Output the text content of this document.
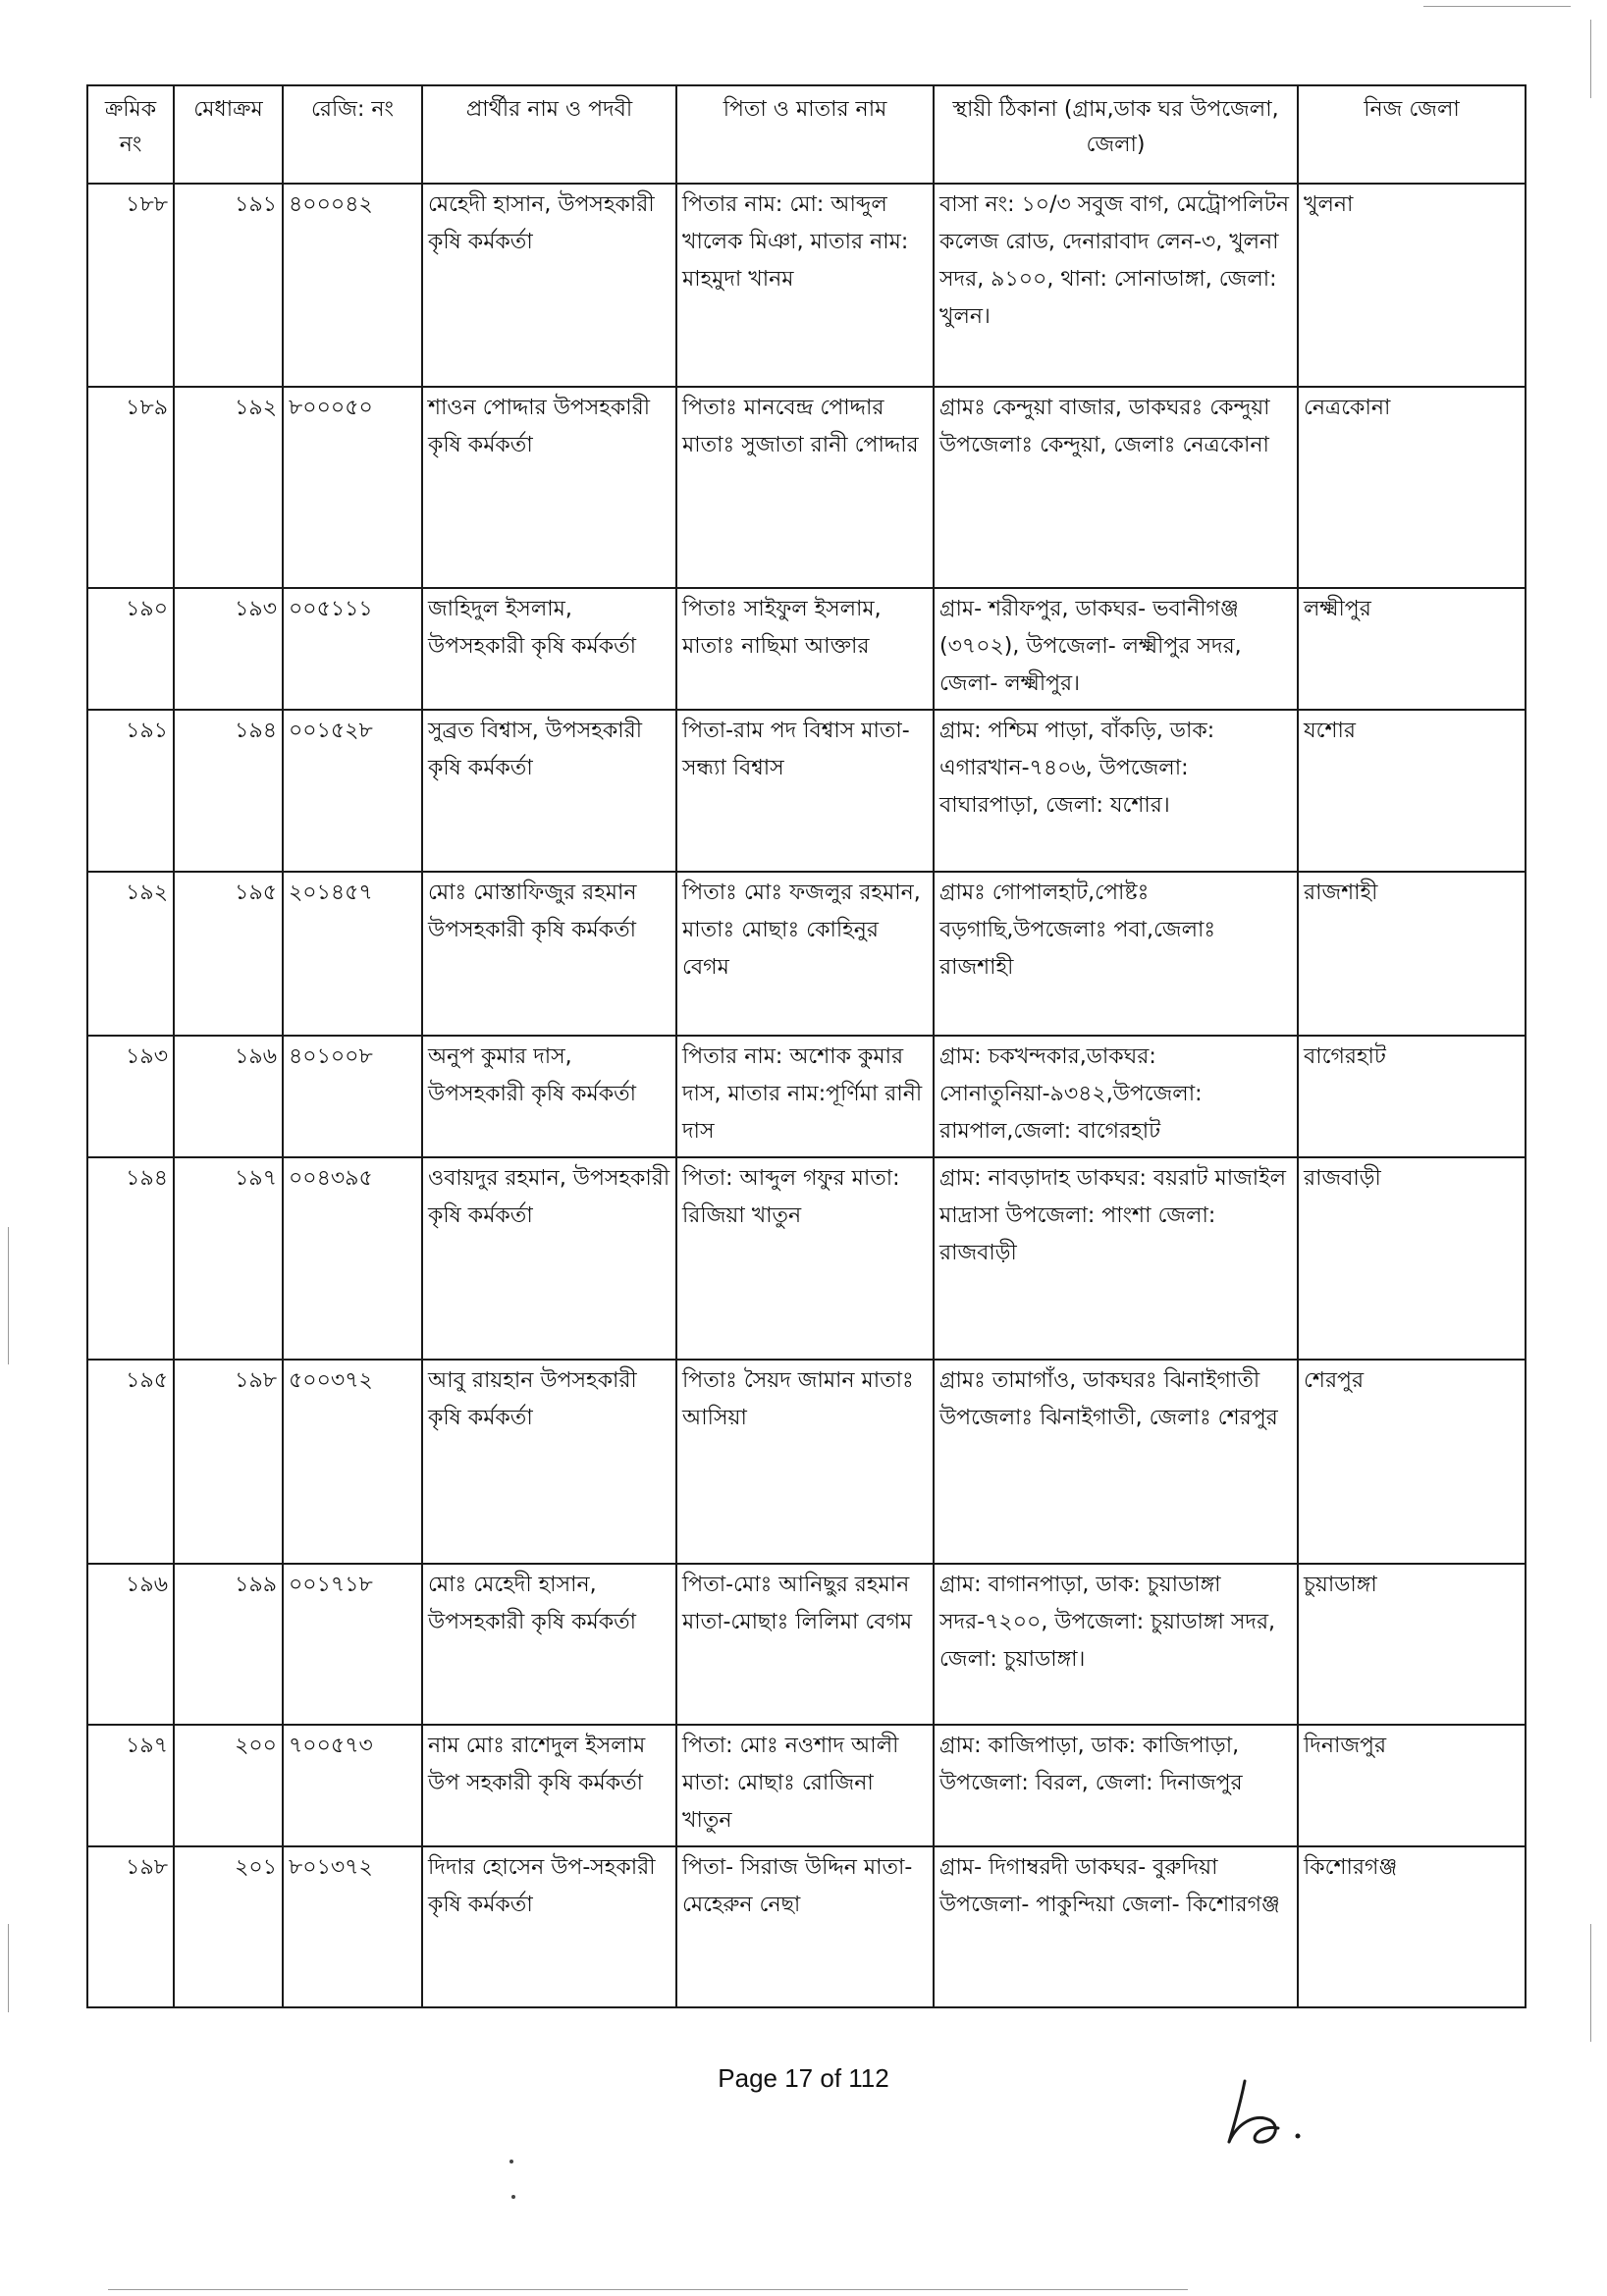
ক্রমিক নং	মেধাক্রম	রেজি: নং	প্রার্থীর নাম ও পদবী	পিতা ও মাতার নাম	স্থায়ী ঠিকানা (গ্রাম,ডাক ঘর উপজেলা, জেলা)	নিজ জেলা
১৮৮	১৯১	৪০০০৪২	মেহেদী হাসান, উপসহকারী কৃষি কর্মকর্তা	পিতার নাম: মো: আব্দুল খালেক মিঞা, মাতার নাম: মাহমুদা খানম	বাসা নং: ১০/৩ সবুজ বাগ, মেট্রোপলিটন কলেজ রোড, দেনারাবাদ লেন-৩, খুলনা সদর, ৯১০০, থানা: সোনাডাঙ্গা, জেলা: খুলন।	খুলনা
১৮৯	১৯২	৮০০০৫০	শাওন পোদ্দার উপসহকারী কৃষি কর্মকর্তা	পিতাঃ মানবেন্দ্র পোদ্দার মাতাঃ সুজাতা রানী পোদ্দার	গ্রামঃ কেন্দুয়া বাজার, ডাকঘরঃ কেন্দুয়া উপজেলাঃ কেন্দুয়া, জেলাঃ নেত্রকোনা	নেত্রকোনা
১৯০	১৯৩	০০৫১১১	জাহিদুল ইসলাম, উপসহকারী কৃষি কর্মকর্তা	পিতাঃ সাইফুল ইসলাম, মাতাঃ নাছিমা আক্তার	গ্রাম- শরীফপুর, ডাকঘর- ভবানীগঞ্জ (৩৭০২), উপজেলা- লক্ষ্মীপুর সদর, জেলা- লক্ষ্মীপুর।	লক্ষ্মীপুর
১৯১	১৯৪	০০১৫২৮	সুব্রত বিশ্বাস, উপসহকারী কৃষি কর্মকর্তা	পিতা-রাম পদ বিশ্বাস মাতা-সন্ধ্যা বিশ্বাস	গ্রাম: পশ্চিম পাড়া, বাঁকড়ি, ডাক: এগারখান-৭৪০৬, উপজেলা: বাঘারপাড়া, জেলা: যশোর।	যশোর
১৯২	১৯৫	২০১৪৫৭	মোঃ মোস্তাফিজুর রহমান উপসহকারী কৃষি কর্মকর্তা	পিতাঃ মোঃ ফজলুর রহমান, মাতাঃ মোছাঃ কোহিনুর বেগম	গ্রামঃ গোপালহাট,পোষ্টঃ বড়গাছি,উপজেলাঃ পবা,জেলাঃ রাজশাহী	রাজশাহী
১৯৩	১৯৬	৪০১০০৮	অনুপ কুমার দাস, উপসহকারী কৃষি কর্মকর্তা	পিতার নাম: অশোক কুমার দাস, মাতার নাম:পূর্ণিমা রানী দাস	গ্রাম: চকখন্দকার,ডাকঘর: সোনাতুনিয়া-৯৩৪২,উপজেলা: রামপাল,জেলা: বাগেরহাট	বাগেরহাট
১৯৪	১৯৭	০০৪৩৯৫	ওবায়দুর রহমান, উপসহকারী কৃষি কর্মকর্তা	পিতা: আব্দুল গফুর মাতা: রিজিয়া খাতুন	গ্রাম: নাবড়াদাহ ডাকঘর: বয়রাট মাজাইল মাদ্রাসা উপজেলা: পাংশা জেলা: রাজবাড়ী	রাজবাড়ী
১৯৫	১৯৮	৫০০৩৭২	আবু রায়হান উপসহকারী কৃষি কর্মকর্তা	পিতাঃ সৈয়দ জামান মাতাঃ আসিয়া	গ্রামঃ তামাগাঁও, ডাকঘরঃ ঝিনাইগাতী উপজেলাঃ ঝিনাইগাতী, জেলাঃ শেরপুর	শেরপুর
১৯৬	১৯৯	০০১৭১৮	মোঃ মেহেদী হাসান, উপসহকারী কৃষি কর্মকর্তা	পিতা-মোঃ আনিছুর রহমান মাতা-মোছাঃ লিলিমা বেগম	গ্রাম: বাগানপাড়া, ডাক: চুয়াডাঙ্গা সদর-৭২০০, উপজেলা: চুয়াডাঙ্গা সদর, জেলা: চুয়াডাঙ্গা।	চুয়াডাঙ্গা
১৯৭	২০০	৭০০৫৭৩	নাম মোঃ রাশেদুল ইসলাম উপ সহকারী কৃষি কর্মকর্তা	পিতা: মোঃ নওশাদ আলী মাতা: মোছাঃ রোজিনা খাতুন	গ্রাম: কাজিপাড়া, ডাক: কাজিপাড়া, উপজেলা: বিরল, জেলা: দিনাজপুর	দিনাজপুর
১৯৮	২০১	৮০১৩৭২	দিদার হোসেন উপ-সহকারী কৃষি কর্মকর্তা	পিতা- সিরাজ উদ্দিন মাতা- মেহেরুন নেছা	গ্রাম- দিগাম্বরদী ডাকঘর- বুরুদিয়া উপজেলা- পাকুন্দিয়া জেলা- কিশোরগঞ্জ	কিশোরগঞ্জ
Page 17 of 112
